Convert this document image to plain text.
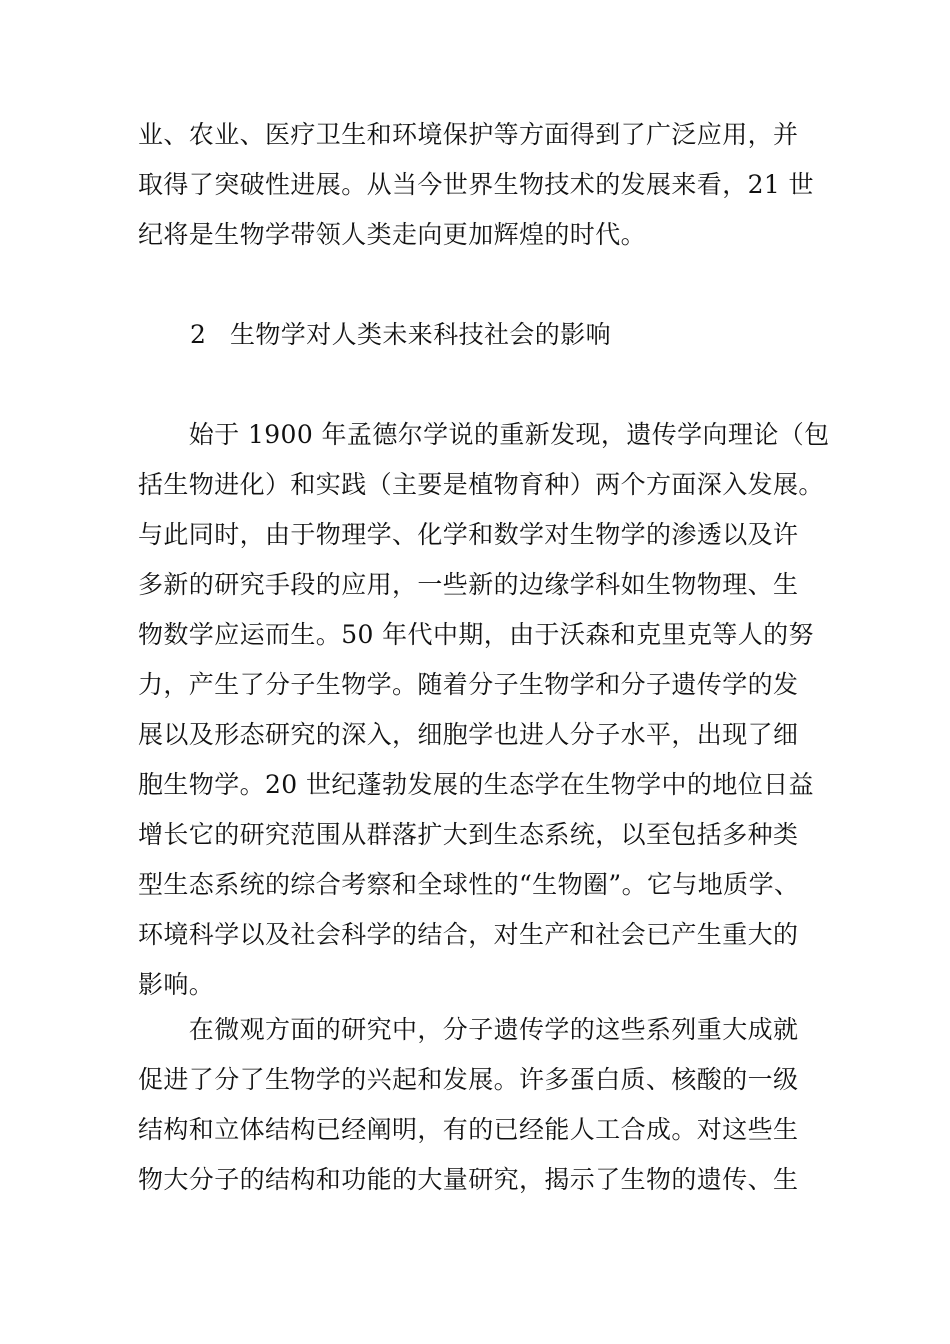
业、农业、医疗卫生和环境保护等方面得到了广泛应用，并
取得了突破性进展。从当今世界生物技术的发展来看，21 世
纪将是生物学带领人类走向更加辉煌的时代。
2 生物学对人类未来科技社会的影响
　　始于 1900 年孟德尔学说的重新发现，遗传学向理论（包
括生物进化）和实践（主要是植物育种）两个方面深入发展。
与此同时，由于物理学、化学和数学对生物学的渗透以及许
多新的研究手段的应用，一些新的边缘学科如生物物理、生
物数学应运而生。50 年代中期，由于沃森和克里克等人的努
力，产生了分子生物学。随着分子生物学和分子遗传学的发
展以及形态研究的深入，细胞学也进人分子水平，出现了细
胞生物学。20 世纪蓬勃发展的生态学在生物学中的地位日益
增长它的研究范围从群落扩大到生态系统，以至包括多种类
型生态系统的综合考察和全球性的“生物圈”。它与地质学、
环境科学以及社会科学的结合，对生产和社会已产生重大的
影响。
　　在微观方面的研究中，分子遗传学的这些系列重大成就
促进了分了生物学的兴起和发展。许多蛋白质、核酸的一级
结构和立体结构已经阐明，有的已经能人工合成。对这些生
物大分子的结构和功能的大量研究，揭示了生物的遗传、生
